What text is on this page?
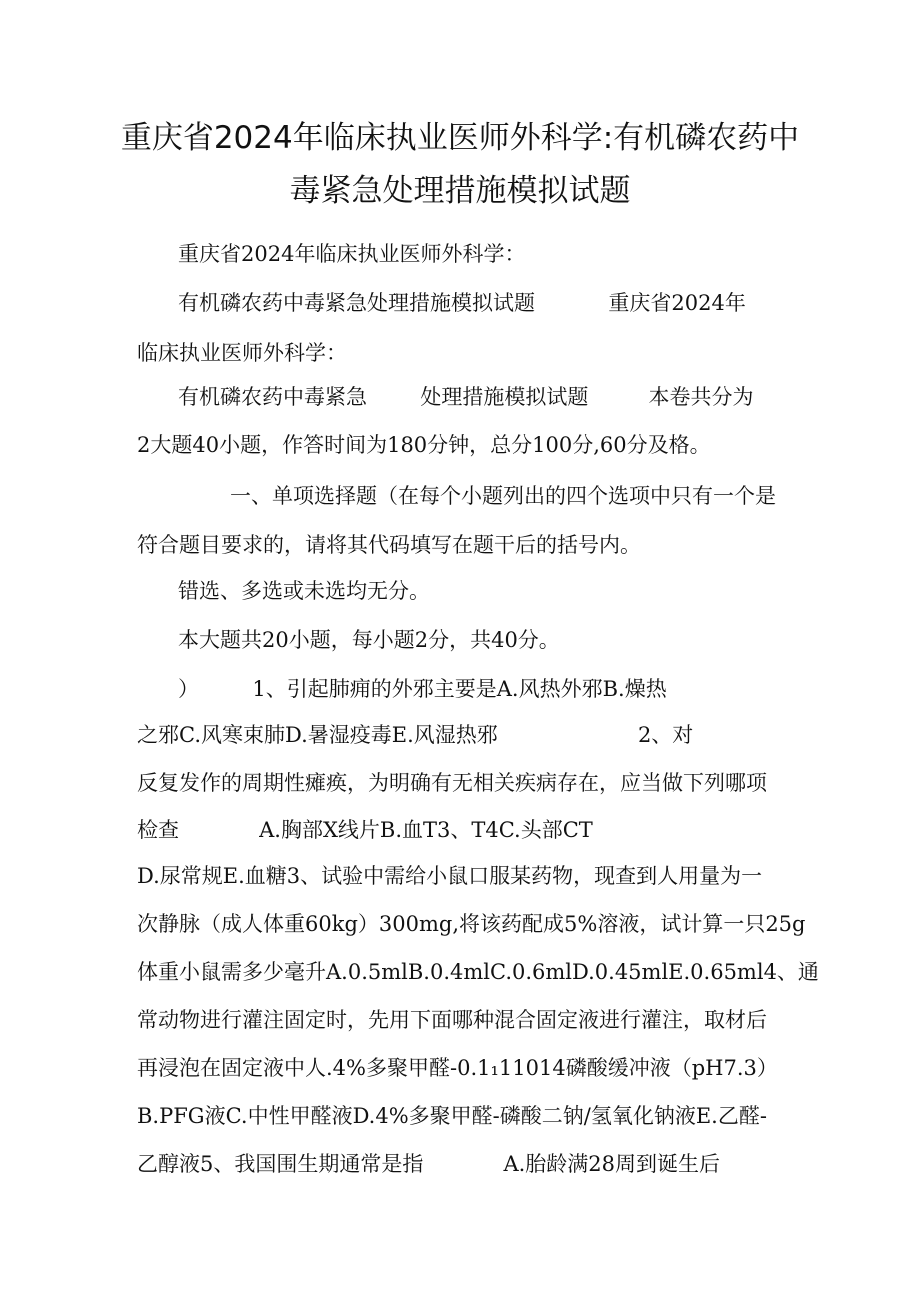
重庆省2024年临床执业医师外科学:有机磷农药中
毒紧急处理措施模拟试题
重庆省2024年临床执业医师外科学：
有机磷农药中毒紧急处理措施模拟试题           重庆省2024年
临床执业医师外科学：
有机磷农药中毒紧急        处理措施模拟试题         本卷共分为
2大题40小题，作答时间为180分钟，总分100分,60分及格。
一、单项选择题（在每个小题列出的四个选项中只有一个是
符合题目要求的，请将其代码填写在题干后的括号内。
错选、多选或未选均无分。
本大题共20小题，每小题2分，共40分。
）        1、引起肺痈的外邪主要是A.风热外邪B.燥热
之邪C.风寒束肺D.暑湿疫毒E.风湿热邪                     2、对
反复发作的周期性瘫痪，为明确有无相关疾病存在，应当做下列哪项
检查            A.胸部X线片B.血T3、T4C.头部CT
D.尿常规E.血糖3、试验中需给小鼠口服某药物，现查到人用量为一
次静脉（成人体重60kg）300mg,将该药配成5%溶液，试计算一只25g
体重小鼠需多少毫升A.0.5mlB.0.4mlC.0.6mlD.0.45mlE.0.65ml4、通
常动物进行灌注固定时，先用下面哪种混合固定液进行灌注，取材后
再浸泡在固定液中人.4%多聚甲醛-0.1₁11014磷酸缓冲液（pH7.3）
B.PFG液C.中性甲醛液D.4%多聚甲醛-磷酸二钠/氢氧化钠液E.乙醛-
乙醇液5、我国围生期通常是指            A.胎龄满28周到诞生后
